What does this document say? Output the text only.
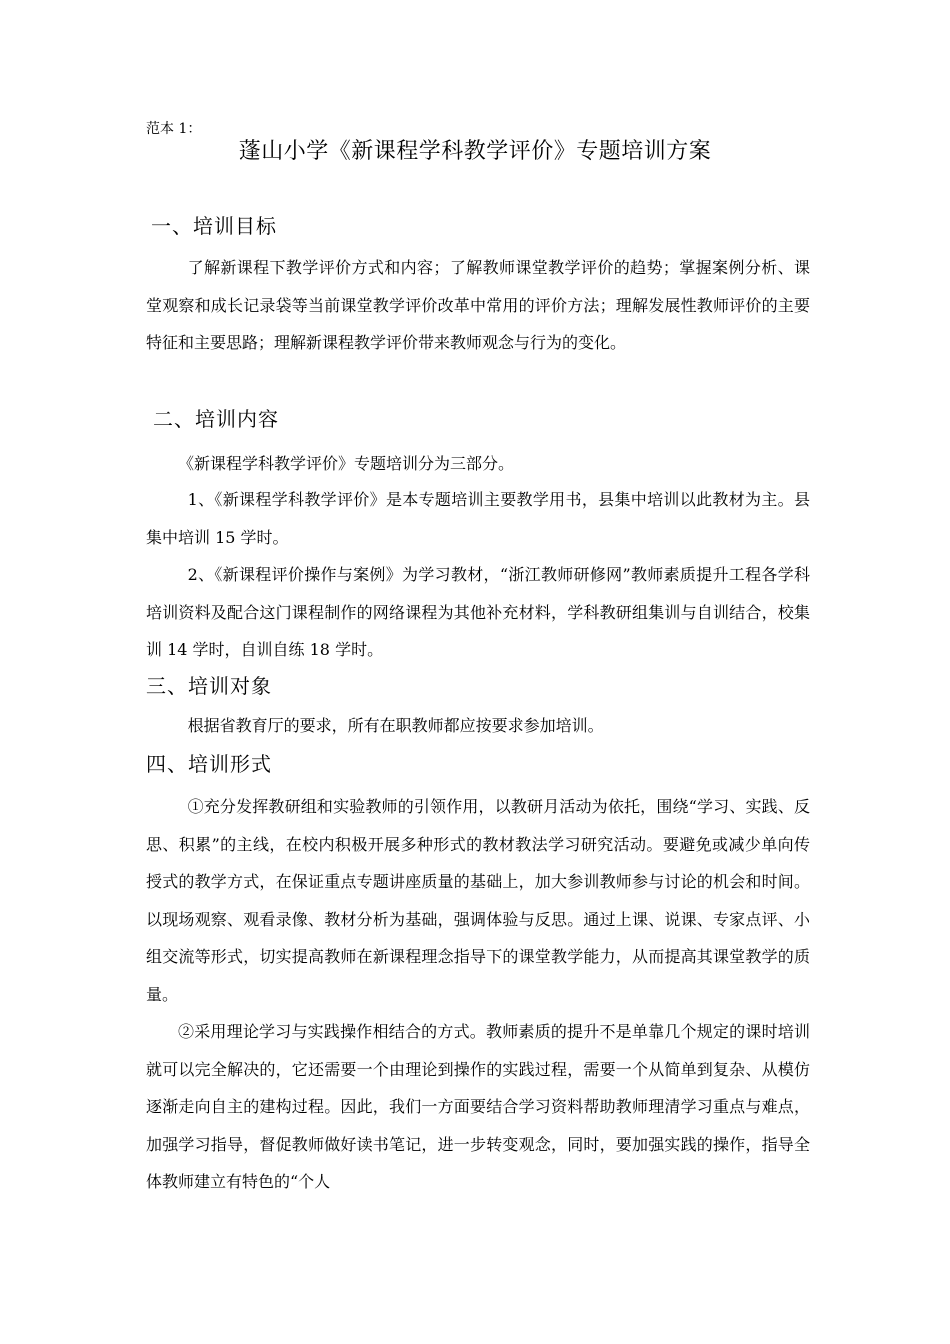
范本 1：
蓬山小学《新课程学科教学评价》专题培训方案
一、培训目标

了解新课程下教学评价方式和内容；了解教师课堂教学评价的趋势；掌握案例分析、课堂观察和成长记录袋等当前课堂教学评价改革中常用的评价方法；理解发展性教师评价的主要特征和主要思路；理解新课程教学评价带来教师观念与行为的变化。

二、培训内容

《新课程学科教学评价》专题培训分为三部分。

1、《新课程学科教学评价》是本专题培训主要教学用书，县集中培训以此教材为主。县集中培训 15 学时。

2、《新课程评价操作与案例》为学习教材，“浙江教师研修网”教师素质提升工程各学科培训资料及配合这门课程制作的网络课程为其他补充材料，学科教研组集训与自训结合，校集训 14 学时，自训自练 18 学时。

三、培训对象

根据省教育厅的要求，所有在职教师都应按要求参加培训。

四、培训形式

①充分发挥教研组和实验教师的引领作用，以教研月活动为依托，围绕“学习、实践、反思、积累”的主线，在校内积极开展多种形式的教材教法学习研究活动。要避免或减少单向传授式的教学方式，在保证重点专题讲座质量的基础上，加大参训教师参与讨论的机会和时间。以现场观察、观看录像、教材分析为基础，强调体验与反思。通过上课、说课、专家点评、小组交流等形式，切实提高教师在新课程理念指导下的课堂教学能力，从而提高其课堂教学的质量。

②采用理论学习与实践操作相结合的方式。教师素质的提升不是单靠几个规定的课时培训就可以完全解决的，它还需要一个由理论到操作的实践过程，需要一个从简单到复杂、从模仿逐渐走向自主的建构过程。因此，我们一方面要结合学习资料帮助教师理清学习重点与难点，加强学习指导，督促教师做好读书笔记，进一步转变观念，同时，要加强实践的操作，指导全体教师建立有特色的“个人
